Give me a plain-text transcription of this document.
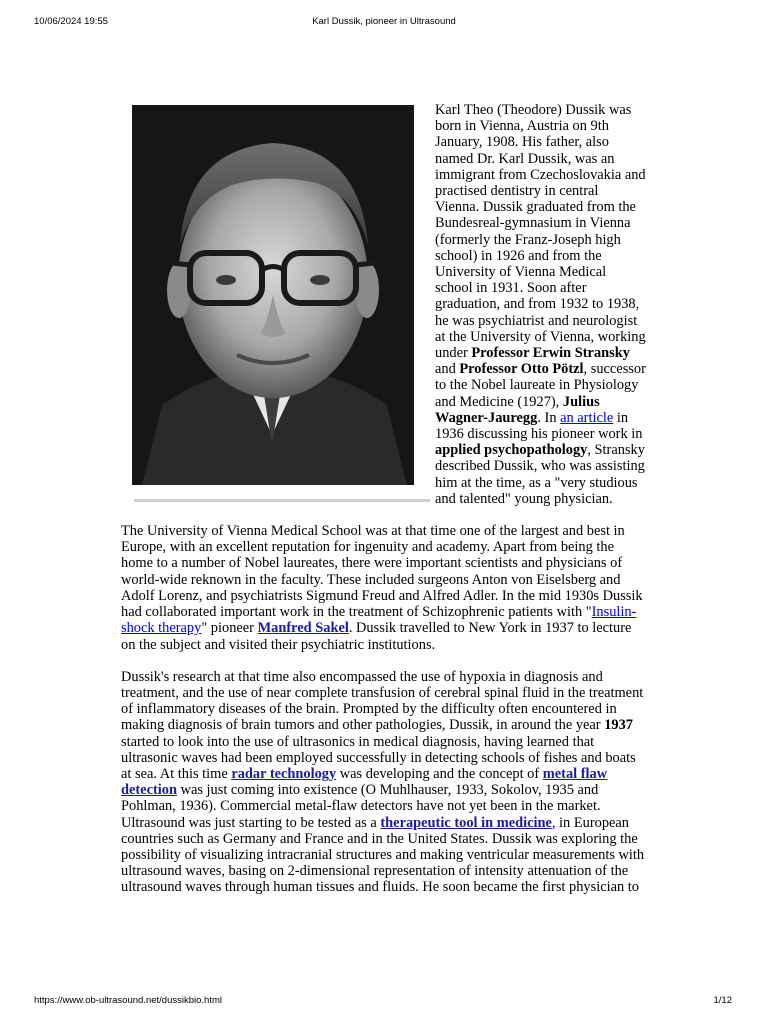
10/06/2024 19:55	Karl Dussik, pioneer in Ultrasound

Karl Theo (Theodore) Dussik was born in Vienna, Austria on 9th January, 1908. His father, also named Dr. Karl Dussik, was an immigrant from Czechoslovakia and practised dentistry in central Vienna. Dussik graduated from the Bundesreal-gymnasium in Vienna (formerly the Franz-Joseph high school) in 1926 and from the University of Vienna Medical school in 1931. Soon after graduation, and from 1932 to 1938, he was psychiatrist and neurologist at the University of Vienna, working under Professor Erwin Stransky and Professor Otto Pötzl, successor to the Nobel laureate in Physiology and Medicine (1927), Julius Wagner-Jauregg. In an article in 1936 discussing his pioneer work in applied psychopathology, Stransky described Dussik, who was assisting him at the time, as a "very studious and talented" young physician.

The University of Vienna Medical School was at that time one of the largest and best in Europe, with an excellent reputation for ingenuity and academy. Apart from being the home to a number of Nobel laureates, there were important scientists and physicians of world-wide reknown in the faculty. These included surgeons Anton von Eiselsberg and Adolf Lorenz, and psychiatrists Sigmund Freud and Alfred Adler. In the mid 1930s Dussik had collaborated important work in the treatment of Schizophrenic patients with "Insulin-shock therapy" pioneer Manfred Sakel. Dussik travelled to New York in 1937 to lecture on the subject and visited their psychiatric institutions.

Dussik's research at that time also encompassed the use of hypoxia in diagnosis and treatment, and the use of near complete transfusion of cerebral spinal fluid in the treatment of inflammatory diseases of the brain. Prompted by the difficulty often encountered in making diagnosis of brain tumors and other pathologies, Dussik, in around the year 1937 started to look into the use of ultrasonics in medical diagnosis, having learned that ultrasonic waves had been employed successfully in detecting schools of fishes and boats at sea. At this time radar technology was developing and the concept of metal flaw detection was just coming into existence (O Muhlhauser, 1933, Sokolov, 1935 and Pohlman, 1936). Commercial metal-flaw detectors have not yet been in the market. Ultrasound was just starting to be tested as a therapeutic tool in medicine, in European countries such as Germany and France and in the United States. Dussik was exploring the possibility of visualizing intracranial structures and making ventricular measurements with ultrasound waves, basing on 2-dimensional representation of intensity attenuation of the ultrasound waves through human tissues and fluids. He soon became the first physician to

https://www.ob-ultrasound.net/dussikbio.html	1/12
